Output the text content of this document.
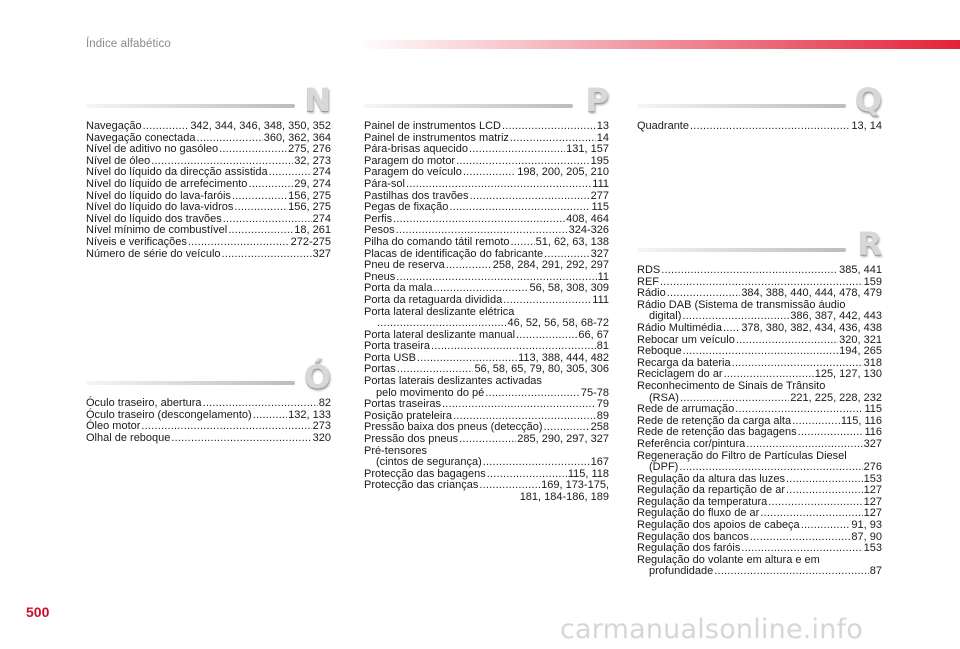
Índice alfabético
N
Navegação .....	342, 344, 346, 348, 350, 352
Navegação conectada .....	360, 362, 364
Nível de aditivo no gasóleo .....	275, 276
Nível de óleo .....	32, 273
Nível do líquido da direcção assistida .....	274
Nível do líquido de arrefecimento .....	29, 274
Nível do líquido do lava-faróis .....	156, 275
Nível do líquido do lava-vidros .....	156, 275
Nível do líquido dos travões .....	274
Nível mínimo de combustível .....	18, 261
Níveis e verificações .....	272-275
Número de série do veículo .....	327
Ó
Óculo traseiro, abertura .....	82
Óculo traseiro (descongelamento) .....	132, 133
Óleo motor .....	273
Olhal de reboque .....	320
P
Painel de instrumentos LCD .....	13
Painel de instrumentos matriz .....	14
Pára-brisas aquecido .....	131, 157
Paragem do motor .....	195
Paragem do veículo .....	198, 200, 205, 210
Pára-sol .....	111
Pastilhas dos travões .....	277
Pegas de fixação .....	115
Perfis .....	408, 464
Pesos .....	324-326
Pilha do comando tátil remoto ..... 51, 62, 63, 138
Placas de identificação do fabricante .....	327
Pneu de reserva .....	258, 284, 291, 292, 297
Pneus .....	11
Porta da mala .....	56, 58, 308, 309
Porta da retaguarda dividida .....	111
Porta lateral deslizante elétrica
.....
46, 52, 56, 58, 68-72
Porta lateral deslizante manual .....	66, 67
Porta traseira .....	81
Porta USB .....	113, 388, 444, 482
Portas .....	56, 58, 65, 79, 80, 305, 306
Portas laterais deslizantes activadas
pelo movimento do pé .....	75-78
Portas traseiras .....	79
Posição prateleira .....	89
Pressão baixa dos pneus (detecção) .....	258
Pressão dos pneus .....	285, 290, 297, 327
Pré-tensores
(cintos de segurança) .....	167
Protecção das bagagens .....	115, 118
Protecção das crianças .....	169, 173-175,
181, 184-186, 189
Q
Quadrante .....	13, 14
R
RDS .....	385, 441
REF .....	159
Rádio .....	384, 388, 440, 444, 478, 479
Rádio DAB (Sistema de transmissão áudio
digital) .....	386, 387, 442, 443
Rádio Multimédia ..... 378, 380, 382, 434, 436, 438
Rebocar um veículo .....	320, 321
Reboque .....	194, 265
Recarga da bateria .....	318
Reciclagem do ar .....	125, 127, 130
Reconhecimento de Sinais de Trânsito
(RSA) .....	221, 225, 228, 232
Rede de arrumação .....	115
Rede de retenção da carga alta .....	115, 116
Rede de retenção das bagagens .....	116
Referência cor/pintura .....	327
Regeneração do Filtro de Partículas Diesel
(DPF) .....	276
Regulação da altura das luzes .....	153
Regulação da repartição de ar .....	127
Regulação da temperatura .....	127
Regulação do fluxo de ar .....	127
Regulação dos apoios de cabeça .....	91, 93
Regulação dos bancos .....	87, 90
Regulação dos faróis .....	153
Regulação do volante em altura e em
profundidade .....	87
500
carmanualsonline.info
